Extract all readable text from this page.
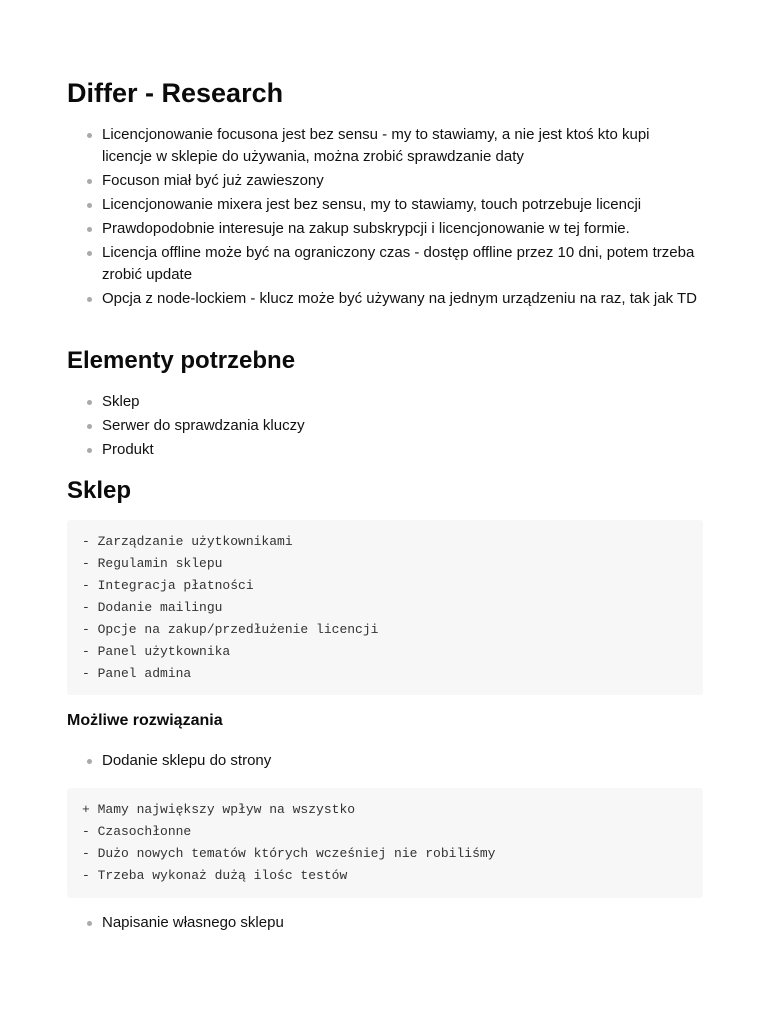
Differ - Research
Licencjonowanie focusona jest bez sensu - my to stawiamy, a nie jest ktoś kto kupi licencje w sklepie do używania, można zrobić sprawdzanie daty
Focuson miał być już zawieszony
Licencjonowanie mixera jest bez sensu, my to stawiamy, touch potrzebuje licencji
Prawdopodobnie interesuje na zakup subskrypcji i licencjonowanie w tej formie.
Licencja offline może być na ograniczony czas - dostęp offline przez 10 dni, potem trzeba zrobić update
Opcja z node-lockiem - klucz może być używany na jednym urządzeniu na raz, tak jak TD
Elementy potrzebne
Sklep
Serwer do sprawdzania kluczy
Produkt
Sklep
- Zarządzanie użytkownikami
- Regulamin sklepu
- Integracja płatności
- Dodanie mailingu
- Opcje na zakup/przedłużenie licencji
- Panel użytkownika
- Panel admina
Możliwe rozwiązania
Dodanie sklepu do strony
+ Mamy największy wpływ na wszystko
- Czasochłonne
- Dużo nowych tematów których wcześniej nie robiliśmy
- Trzeba wykonaż dużą ilośc testów
Napisanie własnego sklepu
